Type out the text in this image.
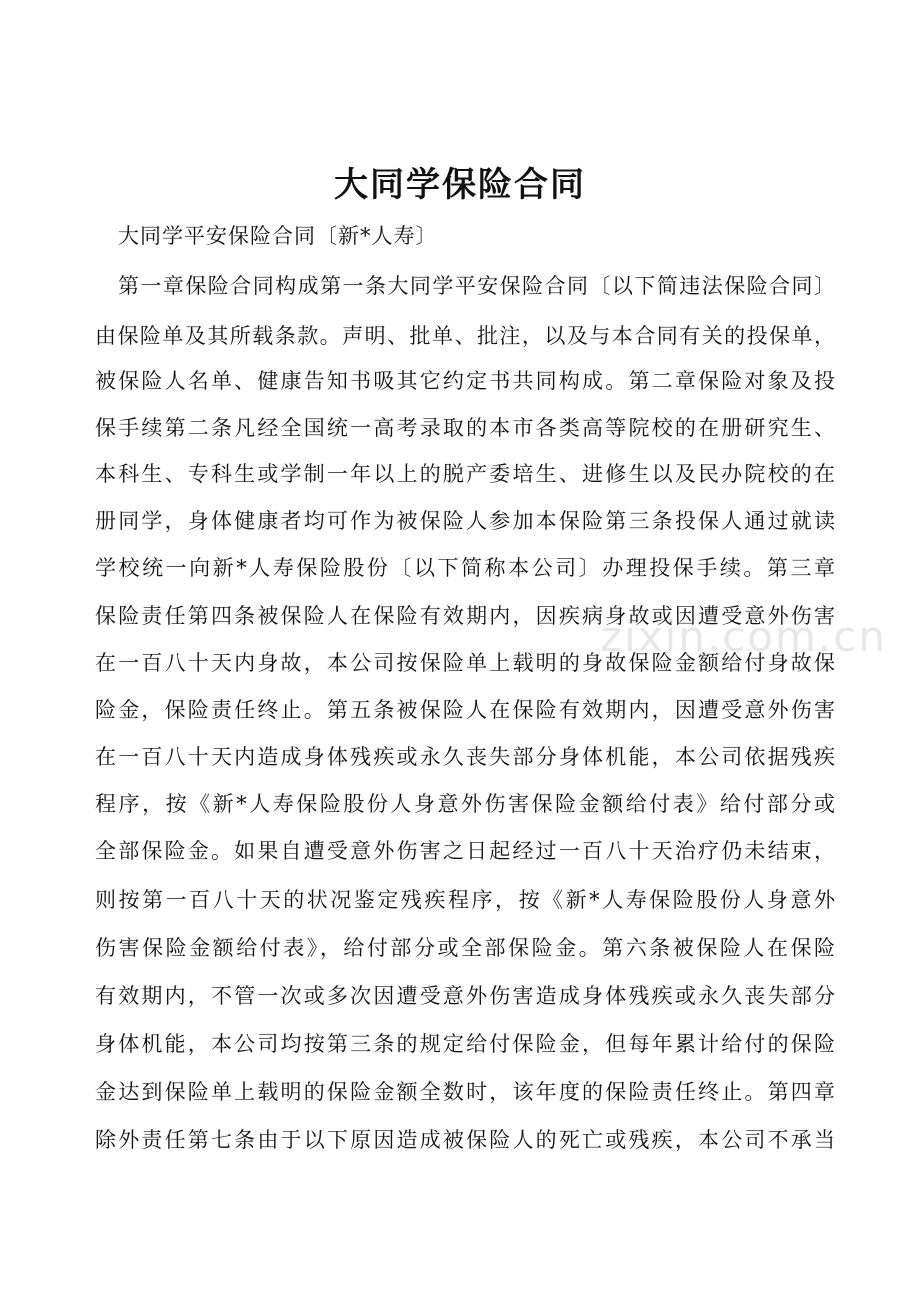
大同学保险合同
大同学平安保险合同〔新*人寿〕
第一章保险合同构成第一条大同学平安保险合同〔以下简违法保险合同〕
由保险单及其所载条款。声明、批单、批注，以及与本合同有关的投保单，
被保险人名单、健康告知书吸其它约定书共同构成。第二章保险对象及投
保手续第二条凡经全国统一高考录取的本市各类高等院校的在册研究生、
本科生、专科生或学制一年以上的脱产委培生、进修生以及民办院校的在
册同学，身体健康者均可作为被保险人参加本保险第三条投保人通过就读
学校统一向新*人寿保险股份〔以下简称本公司〕办理投保手续。第三章
保险责任第四条被保险人在保险有效期内，因疾病身故或因遭受意外伤害
在一百八十天内身故，本公司按保险单上载明的身故保险金额给付身故保
险金，保险责任终止。第五条被保险人在保险有效期内，因遭受意外伤害
在一百八十天内造成身体残疾或永久丧失部分身体机能，本公司依据残疾
程序，按《新*人寿保险股份人身意外伤害保险金额给付表》给付部分或
全部保险金。如果自遭受意外伤害之日起经过一百八十天治疗仍未结束，
则按第一百八十天的状况鉴定残疾程序，按《新*人寿保险股份人身意外
伤害保险金额给付表》，给付部分或全部保险金。第六条被保险人在保险
有效期内，不管一次或多次因遭受意外伤害造成身体残疾或永久丧失部分
身体机能，本公司均按第三条的规定给付保险金，但每年累计给付的保险
金达到保险单上载明的保险金额全数时，该年度的保险责任终止。第四章
除外责任第七条由于以下原因造成被保险人的死亡或残疾，本公司不承当
zixin.com.cn
